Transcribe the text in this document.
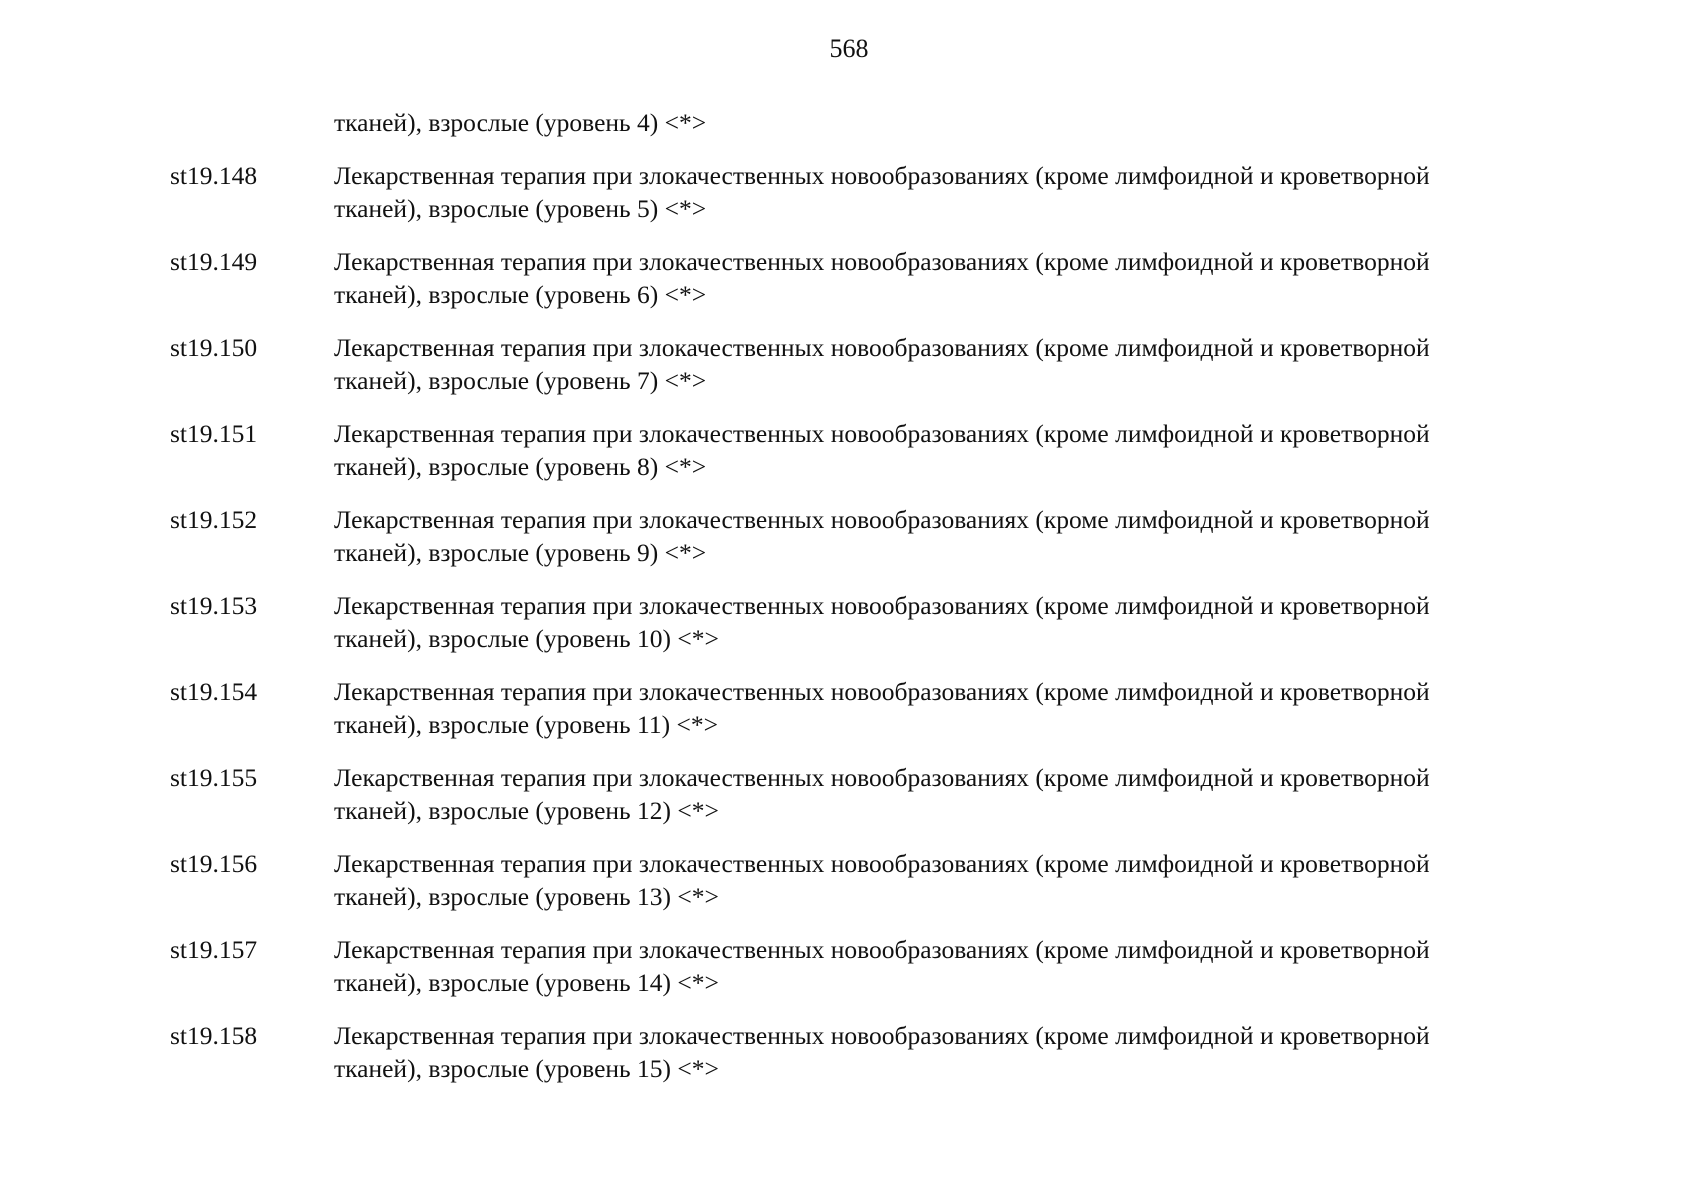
568
тканей), взрослые (уровень 4) <*>
st19.148	Лекарственная терапия при злокачественных новообразованиях (кроме лимфоидной и кроветворной
тканей), взрослые (уровень 5) <*>
st19.149	Лекарственная терапия при злокачественных новообразованиях (кроме лимфоидной и кроветворной
тканей), взрослые (уровень 6) <*>
st19.150	Лекарственная терапия при злокачественных новообразованиях (кроме лимфоидной и кроветворной
тканей), взрослые (уровень 7) <*>
st19.151	Лекарственная терапия при злокачественных новообразованиях (кроме лимфоидной и кроветворной
тканей), взрослые (уровень 8) <*>
st19.152	Лекарственная терапия при злокачественных новообразованиях (кроме лимфоидной и кроветворной
тканей), взрослые (уровень 9) <*>
st19.153	Лекарственная терапия при злокачественных новообразованиях (кроме лимфоидной и кроветворной
тканей), взрослые (уровень 10) <*>
st19.154	Лекарственная терапия при злокачественных новообразованиях (кроме лимфоидной и кроветворной
тканей), взрослые (уровень 11) <*>
st19.155	Лекарственная терапия при злокачественных новообразованиях (кроме лимфоидной и кроветворной
тканей), взрослые (уровень 12) <*>
st19.156	Лекарственная терапия при злокачественных новообразованиях (кроме лимфоидной и кроветворной
тканей), взрослые (уровень 13) <*>
st19.157	Лекарственная терапия при злокачественных новообразованиях (кроме лимфоидной и кроветворной
тканей), взрослые (уровень 14) <*>
st19.158	Лекарственная терапия при злокачественных новообразованиях (кроме лимфоидной и кроветворной
тканей), взрослые (уровень 15) <*>
